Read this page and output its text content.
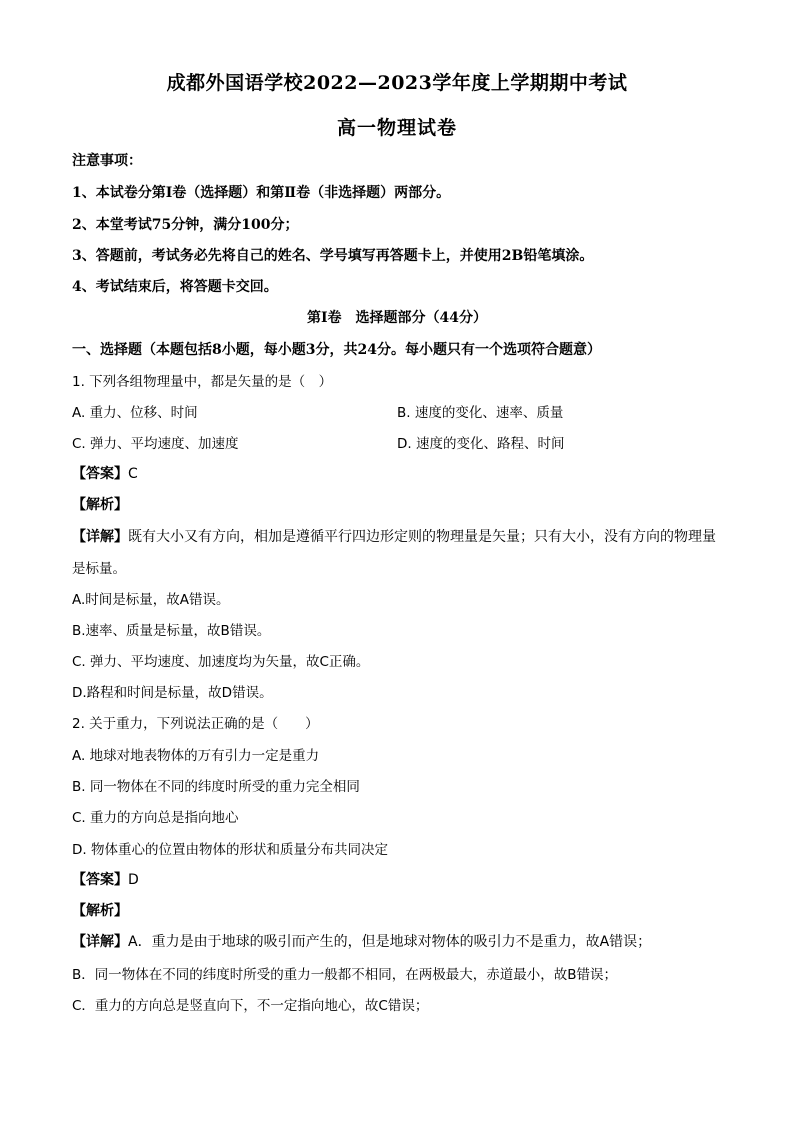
成都外国语学校2022—2023学年度上学期期中考试
高一物理试卷
注意事项：
1、本试卷分第Ⅰ卷（选择题）和第Ⅱ卷（非选择题）两部分。
2、本堂考试75分钟，满分100分；
3、答题前，考试务必先将自己的姓名、学号填写再答题卡上，并使用2B铅笔填涂。
4、考试结束后，将答题卡交回。
第Ⅰ卷　选择题部分（44分）
一、选择题（本题包括8小题，每小题3分，共24分。每小题只有一个选项符合题意）
1. 下列各组物理量中，都是矢量的是（　）
A. 重力、位移、时间	B. 速度的变化、速率、质量
C. 弹力、平均速度、加速度	D. 速度的变化、路程、时间
【答案】C
【解析】
【详解】既有大小又有方向，相加是遵循平行四边形定则的物理量是矢量；只有大小，没有方向的物理量
是标量。
A.时间是标量，故A错误。
B.速率、质量是标量，故B错误。
C. 弹力、平均速度、加速度均为矢量，故C正确。
D.路程和时间是标量，故D错误。
2. 关于重力，下列说法正确的是（　　）
A. 地球对地表物体的万有引力一定是重力
B. 同一物体在不同的纬度时所受的重力完全相同
C. 重力的方向总是指向地心
D. 物体重心的位置由物体的形状和质量分布共同决定
【答案】D
【解析】
【详解】A．重力是由于地球的吸引而产生的，但是地球对物体的吸引力不是重力，故A错误；
B．同一物体在不同的纬度时所受的重力一般都不相同，在两极最大，赤道最小，故B错误；
C．重力的方向总是竖直向下，不一定指向地心，故C错误；
